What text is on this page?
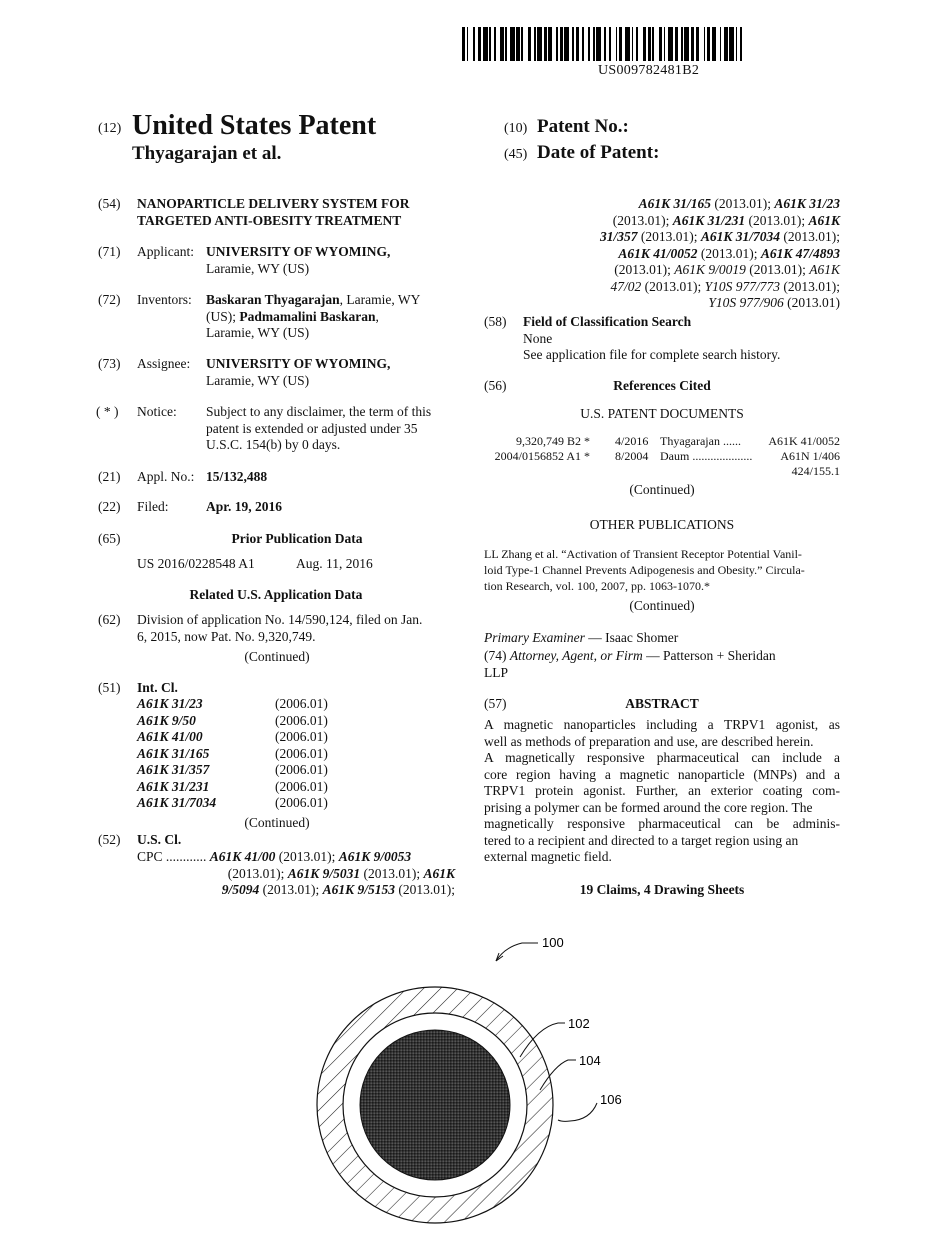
US009782481B2
(12) United States Patent
Thyagarajan et al.
(10) Patent No.:
(45) Date of Patent:
(54) NANOPARTICLE DELIVERY SYSTEM FOR
TARGETED ANTI-OBESITY TREATMENT
(71) Applicant: UNIVERSITY OF WYOMING,
Laramie, WY (US)
(72) Inventors: Baskaran Thyagarajan, Laramie, WY
(US); Padmamalini Baskaran,
Laramie, WY (US)
(73) Assignee: UNIVERSITY OF WYOMING,
Laramie, WY (US)
( * ) Notice: Subject to any disclaimer, the term of this
patent is extended or adjusted under 35
U.S.C. 154(b) by 0 days.
(21) Appl. No.: 15/132,488
(22) Filed:	Apr. 19, 2016
(65)	Prior Publication Data
US 2016/0228548 A1	Aug. 11, 2016
Related U.S. Application Data
(62) Division of application No. 14/590,124, filed on Jan.
6, 2015, now Pat. No. 9,320,749.
(Continued)
(51) Int. Cl.
A61K 31/23	(2006.01)
A61K 9/50	(2006.01)
A61K 41/00	(2006.01)
A61K 31/165	(2006.01)
A61K 31/357	(2006.01)
A61K 31/231	(2006.01)
A61K 31/7034	(2006.01)
(Continued)
(52) U.S. Cl.
CPC ............ A61K 41/00 (2013.01); A61K 9/0053
(2013.01); A61K 9/5031 (2013.01); A61K
9/5094 (2013.01); A61K 9/5153 (2013.01);
A61K 31/165 (2013.01); A61K 31/23
(2013.01); A61K 31/231 (2013.01); A61K
31/357 (2013.01); A61K 31/7034 (2013.01);
A61K 41/0052 (2013.01); A61K 47/4893
(2013.01); A61K 9/0019 (2013.01); A61K
47/02 (2013.01); Y10S 977/773 (2013.01);
Y10S 977/906 (2013.01)
(58) Field of Classification Search
None
See application file for complete search history.
(56)	References Cited
U.S. PATENT DOCUMENTS
9,320,749 B2 * 4/2016 Thyagarajan ...... A61K 41/0052
2004/0156852 A1 * 8/2004 Daum .................... A61N 1/406
424/155.1
(Continued)
OTHER PUBLICATIONS
LL Zhang et al. “Activation of Transient Receptor Potential Vanil-
loid Type-1 Channel Prevents Adipogenesis and Obesity.” Circula-
tion Research, vol. 100, 2007, pp. 1063-1070.*
(Continued)
Primary Examiner — Isaac Shomer
(74) Attorney, Agent, or Firm — Patterson + Sheridan
LLP
(57)	ABSTRACT
A magnetic nanoparticles including a TRPV1 agonist, as
well as methods of preparation and use, are described herein.
A magnetically responsive pharmaceutical can include a
core region having a magnetic nanoparticle (MNPs) and a
TRPV1 protein agonist. Further, an exterior coating com-
prising a polymer can be formed around the core region. The
magnetically responsive pharmaceutical can be adminis-
tered to a recipient and directed to a target region using an
external magnetic field.
19 Claims, 4 Drawing Sheets
100
102
104
106
